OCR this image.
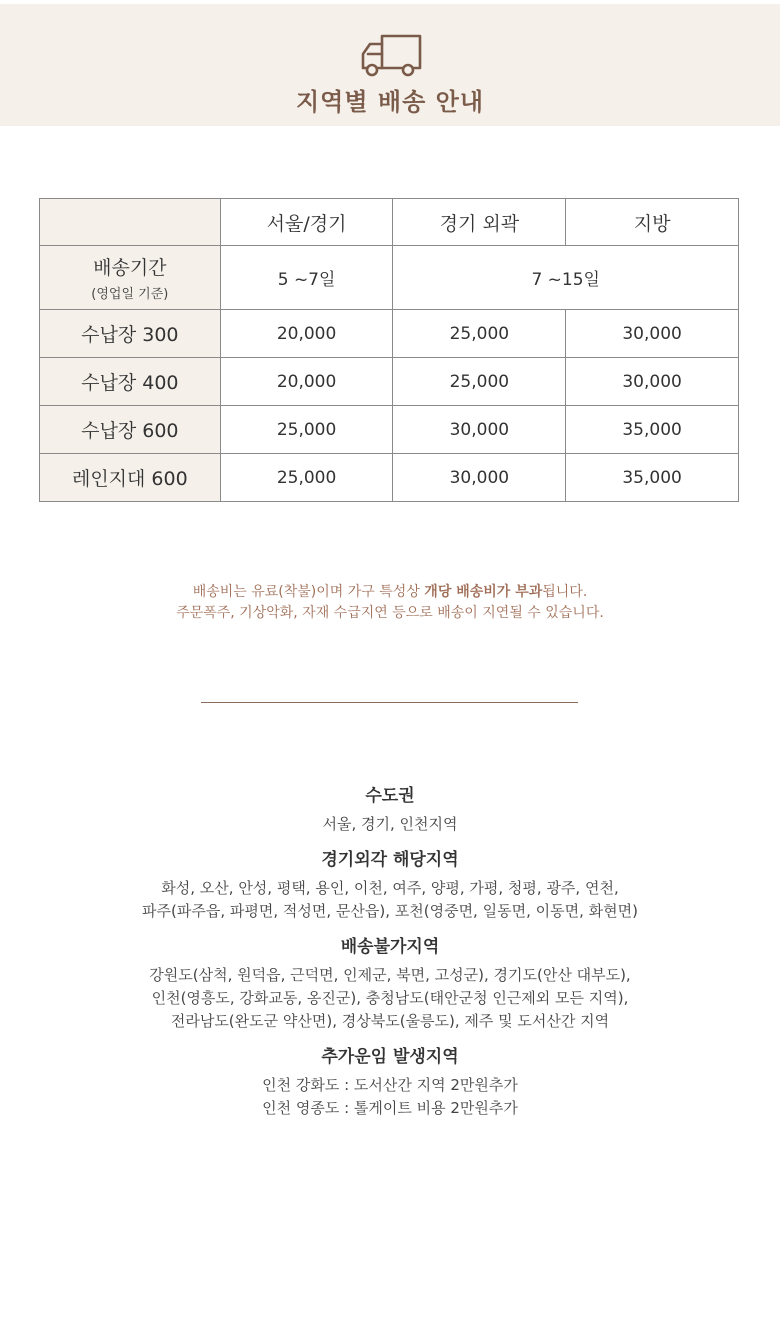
지역별 배송 안내
	서울/경기	경기 외곽	지방
배송기간
(영업일 기준)	5 ~7일	7 ~15일	
수납장 300	20,000	25,000	30,000
수납장 400	20,000	25,000	30,000
수납장 600	25,000	30,000	35,000
레인지대 600	25,000	30,000	35,000
배송비는 유료(착불)이며 가구 특성상 개당 배송비가 부과됩니다.
주문폭주, 기상악화, 자재 수급지연 등으로 배송이 지연될 수 있습니다.
수도권
서울, 경기, 인천지역
경기외각 해당지역
화성, 오산, 안성, 평택, 용인, 이천, 여주, 양평, 가평, 청평, 광주, 연천,
파주(파주읍, 파평면, 적성면, 문산읍), 포천(영중면, 일동면, 이동면, 화현면)
배송불가지역
강원도(삼척, 원덕읍, 근덕면, 인제군, 북면, 고성군), 경기도(안산 대부도),
인천(영흥도, 강화교동, 옹진군), 충청남도(태안군청 인근제외 모든 지역),
전라남도(완도군 약산면), 경상북도(울릉도), 제주 및 도서산간 지역
추가운임 발생지역
인천 강화도 : 도서산간 지역 2만원추가
인천 영종도 : 톨게이트 비용 2만원추가
